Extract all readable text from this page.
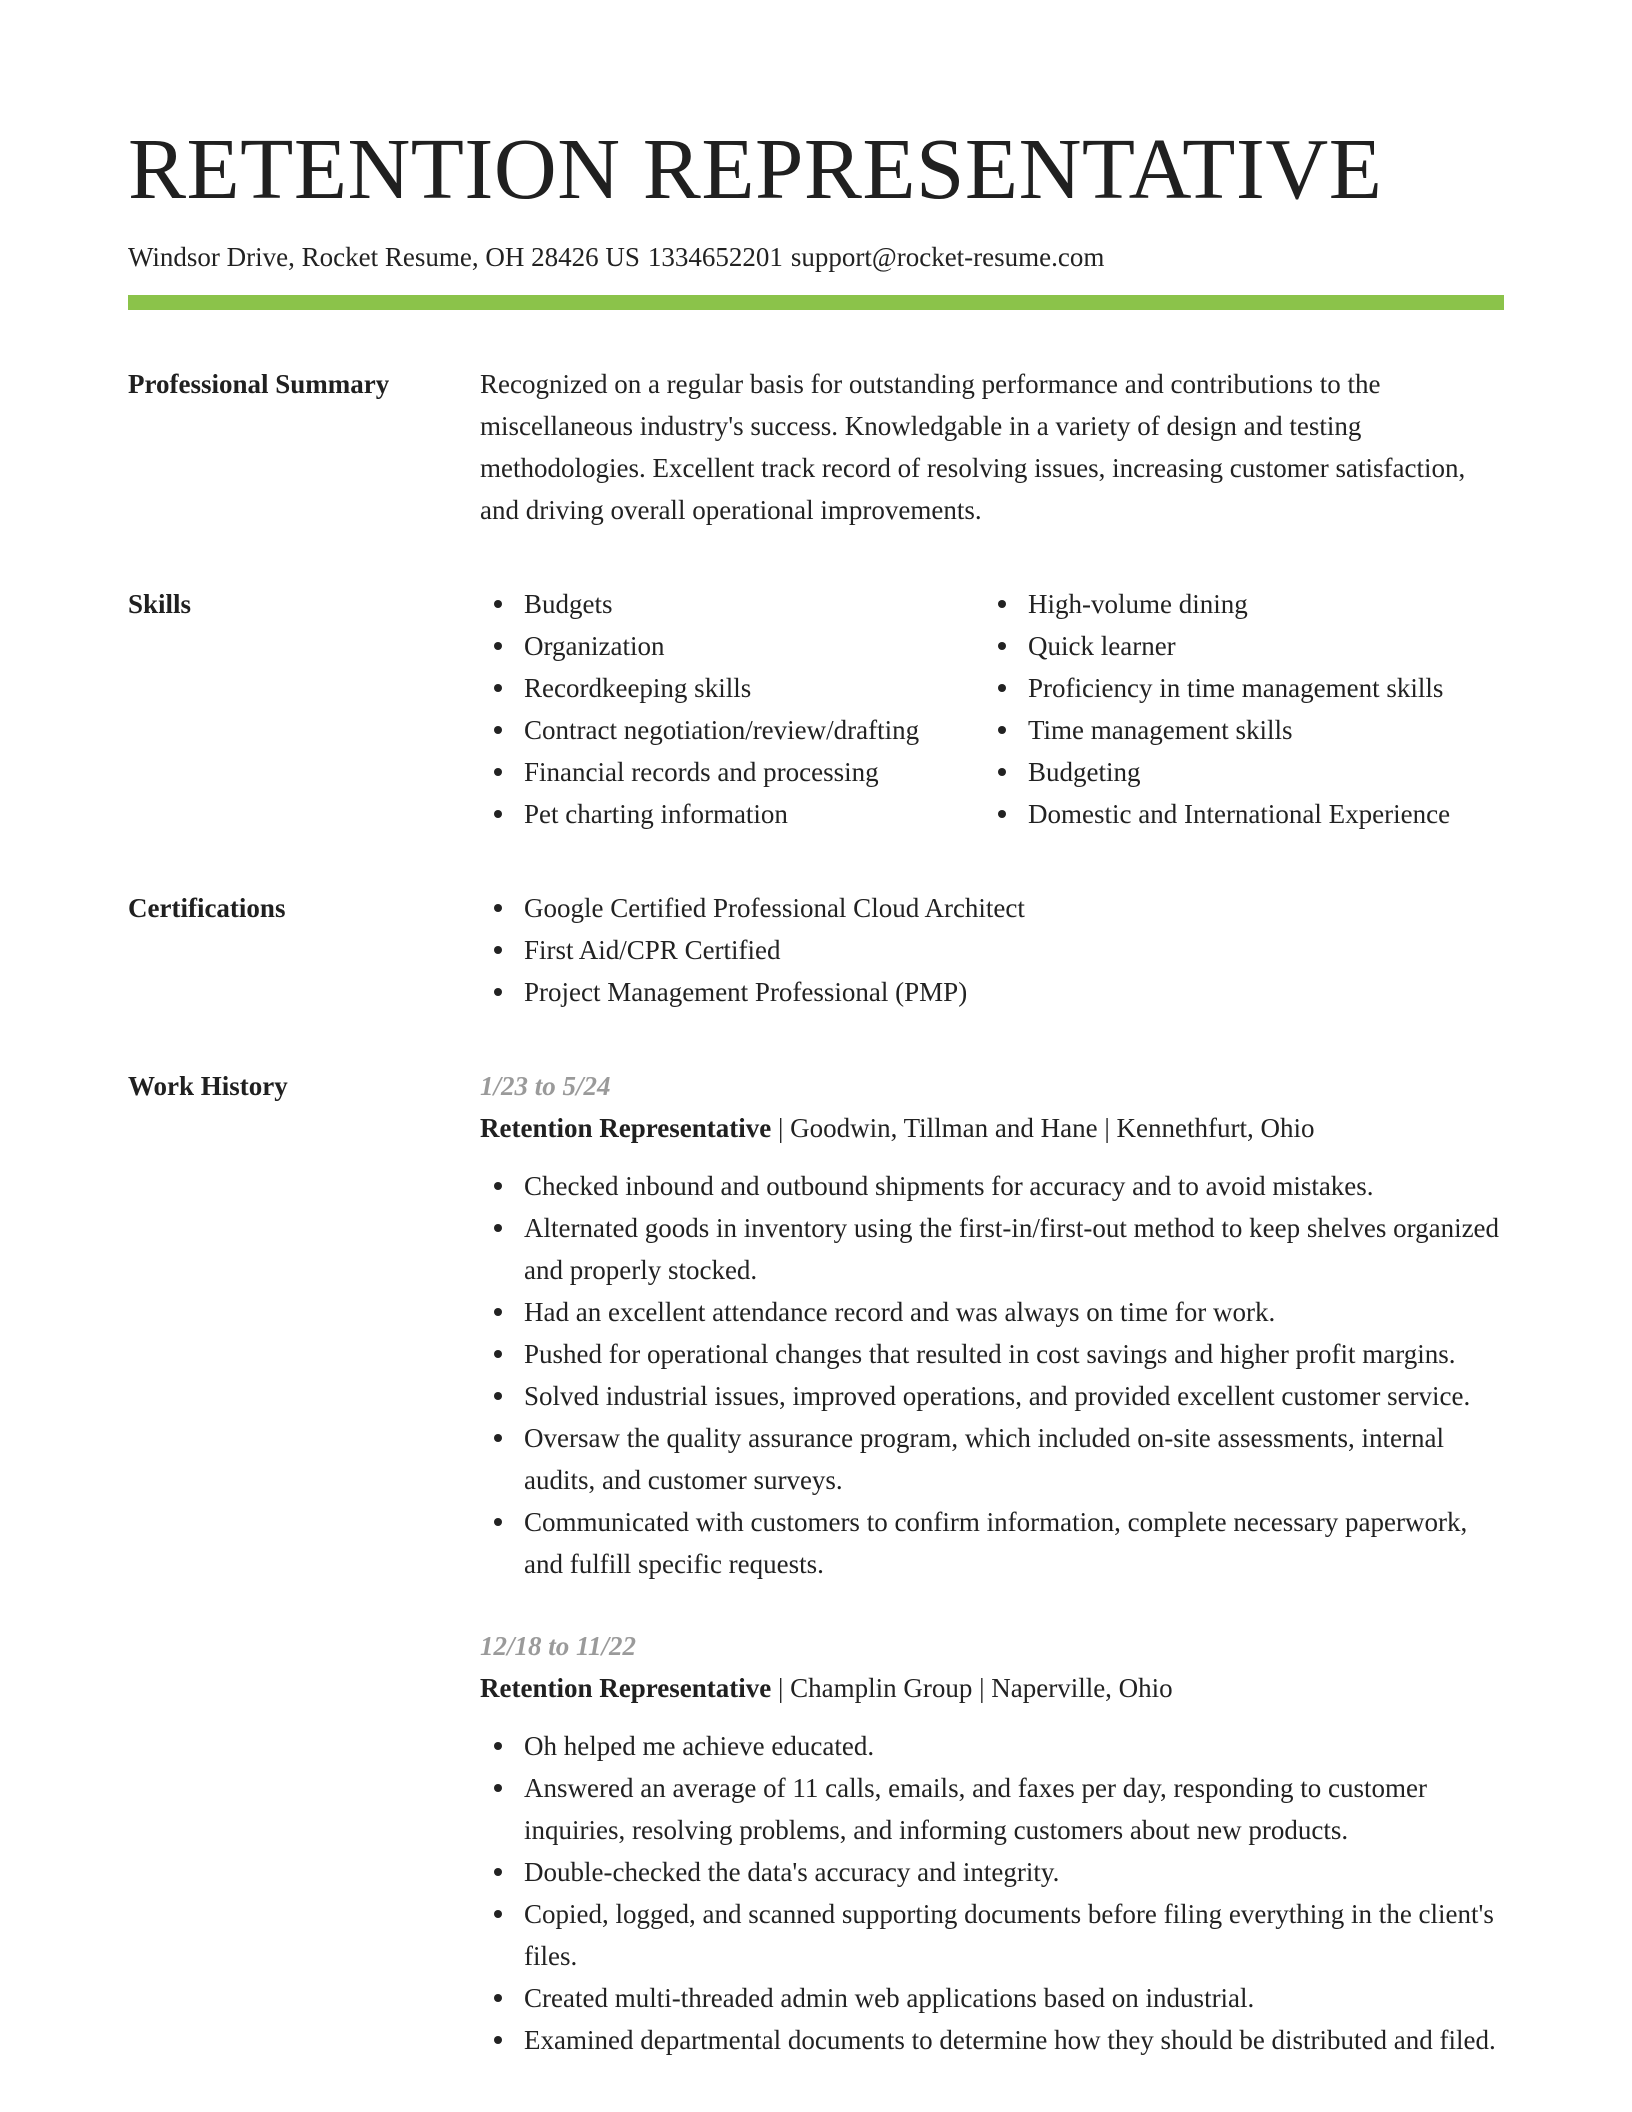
RETENTION REPRESENTATIVE
Windsor Drive, Rocket Resume, OH 28426 US 1334652201 support@rocket-resume.com
Professional Summary	Recognized on a regular basis for outstanding performance and contributions to the miscellaneous industry's success. Knowledgable in a variety of design and testing methodologies. Excellent track record of resolving issues, increasing customer satisfaction, and driving overall operational improvements.

Skills	Budgets
Organization
Recordkeeping skills
Contract negotiation/review/drafting
Financial records and processing
Pet charting information
High-volume dining
Quick learner
Proficiency in time management skills
Time management skills
Budgeting
Domestic and International Experience
Certifications	Google Certified Professional Cloud Architect
First Aid/CPR Certified
Project Management Professional (PMP)
Work History	1/23 to 5/24
Retention Representative | Goodwin, Tillman and Hane | Kennethfurt, Ohio
Checked inbound and outbound shipments for accuracy and to avoid mistakes.
Alternated goods in inventory using the first-in/first-out method to keep shelves organized and properly stocked.
Had an excellent attendance record and was always on time for work.
Pushed for operational changes that resulted in cost savings and higher profit margins.
Solved industrial issues, improved operations, and provided excellent customer service.
Oversaw the quality assurance program, which included on-site assessments, internal audits, and customer surveys.
Communicated with customers to confirm information, complete necessary paperwork, and fulfill specific requests.
12/18 to 11/22
Retention Representative | Champlin Group | Naperville, Ohio
Oh helped me achieve educated.
Answered an average of 11 calls, emails, and faxes per day, responding to customer inquiries, resolving problems, and informing customers about new products.
Double-checked the data's accuracy and integrity.
Copied, logged, and scanned supporting documents before filing everything in the client's files.
Created multi-threaded admin web applications based on industrial.
Examined departmental documents to determine how they should be distributed and filed.
